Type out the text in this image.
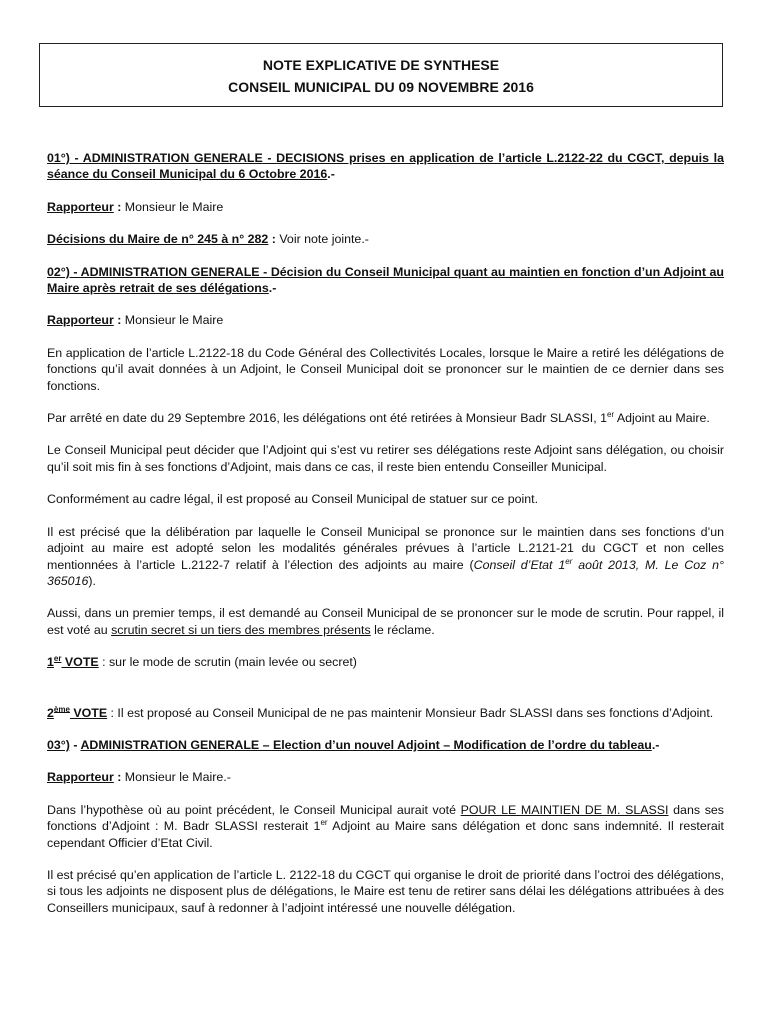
NOTE EXPLICATIVE DE SYNTHESE
CONSEIL MUNICIPAL DU 09 NOVEMBRE 2016

01°) - ADMINISTRATION GENERALE - DECISIONS prises en application de l’article L.2122-22 du CGCT, depuis la séance du Conseil Municipal du 6 Octobre 2016.-

Rapporteur : Monsieur le Maire

Décisions du Maire de n° 245 à n° 282 : Voir note jointe.-

02°) - ADMINISTRATION GENERALE - Décision du Conseil Municipal quant au maintien en fonction d’un Adjoint au Maire après retrait de ses délégations.-

Rapporteur : Monsieur le Maire

En application de l’article L.2122-18 du Code Général des Collectivités Locales, lorsque le Maire a retiré les délégations de fonctions qu’il avait données à un Adjoint, le Conseil Municipal doit se prononcer sur le maintien de ce dernier dans ses fonctions.

Par arrêté en date du 29 Septembre 2016, les délégations ont été retirées à Monsieur Badr SLASSI, 1er Adjoint au Maire.

Le Conseil Municipal peut décider que l’Adjoint qui s’est vu retirer ses délégations reste Adjoint sans délégation, ou choisir qu’il soit mis fin à ses fonctions d’Adjoint, mais dans ce cas, il reste bien entendu Conseiller Municipal.

Conformément au cadre légal, il est proposé au Conseil Municipal de statuer sur ce point.

Il est précisé que la délibération par laquelle le Conseil Municipal se prononce sur le maintien dans ses fonctions d’un adjoint au maire est adopté selon les modalités générales prévues à l’article L.2121-21 du CGCT et non celles mentionnées à l’article L.2122-7 relatif à l’élection des adjoints au maire (Conseil d’Etat 1er août 2013, M. Le Coz n° 365016).

Aussi, dans un premier temps, il est demandé au Conseil Municipal de se prononcer sur le mode de scrutin. Pour rappel, il est voté au scrutin secret si un tiers des membres présents le réclame.

1er VOTE : sur le mode de scrutin (main levée ou secret)

2ème VOTE : Il est proposé au Conseil Municipal de ne pas maintenir Monsieur Badr SLASSI dans ses fonctions d’Adjoint.

03°) - ADMINISTRATION GENERALE – Election d’un nouvel Adjoint – Modification de l’ordre du tableau.-

Rapporteur : Monsieur le Maire.-

Dans l’hypothèse où au point précédent, le Conseil Municipal aurait voté POUR LE MAINTIEN DE M. SLASSI dans ses fonctions d’Adjoint : M. Badr SLASSI resterait 1er Adjoint au Maire sans délégation et donc sans indemnité. Il resterait cependant Officier d’Etat Civil.

Il est précisé qu’en application de l’article L. 2122-18 du CGCT qui organise le droit de priorité dans l’octroi des délégations, si tous les adjoints ne disposent plus de délégations, le Maire est tenu de retirer sans délai les délégations attribuées à des Conseillers municipaux, sauf à redonner à l’adjoint intéressé une nouvelle délégation.
